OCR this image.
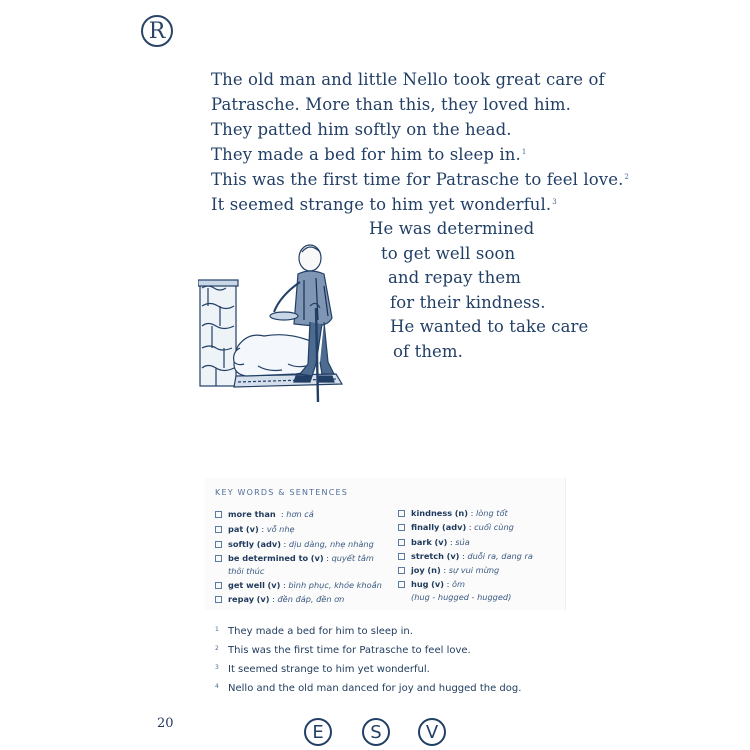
R
The old man and little Nello took great care of
Patrasche. More than this, they loved him.
They patted him softly on the head.
They made a bed for him to sleep in.$^1$
This was the first time for Patrasche to feel love.$^2$
It seemed strange to him yet wonderful.$^3$
He was determined
to get well soon
and repay them
for their kindness.
He wanted to take care
of them.
KEY WORDS & SENTENCES
more than
: hơn cả
pat
(v) : vỗ nhẹ
softly
(adv) : dịu dàng, nhẹ nhàng
be determined to
(v) : quyết tâm
thôi thúc
get well
(v) : bình phục, khỏe khoắn
repay
(v) : đền đáp, đền ơn
kindness
(n) : lòng tốt
finally
(adv) : cuối cùng
bark
(v) : sủa
stretch
(v) : duỗi ra, dang ra
joy
(n) : sự vui mừng
hug
(v) : ôm
(hug - hugged - hugged)
1 They made a bed for him to sleep in.
2 This was the first time for Patrasche to feel love.
3 It seemed strange to him yet wonderful.
4 Nello and the old man danced for joy and hugged the dog.
20	E	S	V
